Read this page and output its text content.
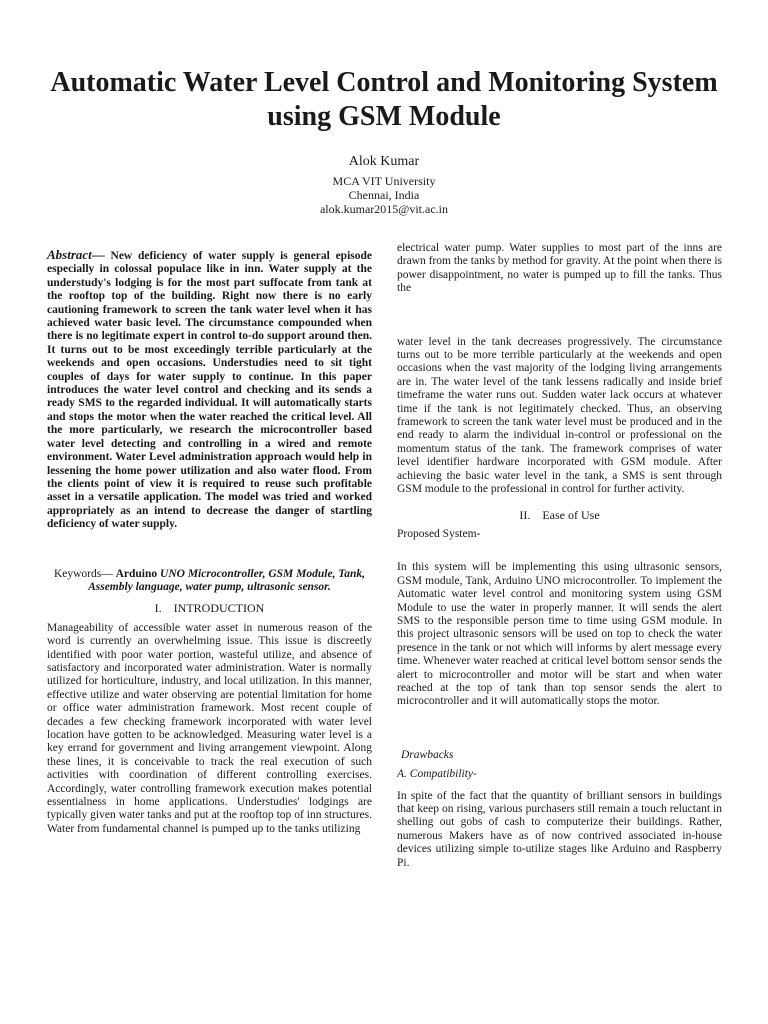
Automatic Water Level Control and Monitoring System using GSM Module
Alok Kumar
MCA VIT University
Chennai, India
alok.kumar2015@vit.ac.in

Abstract— New deficiency of water supply is general episode especially in colossal populace like in inn. Water supply at the understudy's lodging is for the most part suffocate from tank at the rooftop top of the building. Right now there is no early cautioning framework to screen the tank water level when it has achieved water basic level. The circumstance compounded when there is no legitimate expert in control to-do support around then. It turns out to be most exceedingly terrible particularly at the weekends and open occasions. Understudies need to sit tight couples of days for water supply to continue. In this paper introduces the water level control and checking and its sends a ready SMS to the regarded individual. It will automatically starts and stops the motor when the water reached the critical level. All the more particularly, we research the microcontroller based water level detecting and controlling in a wired and remote environment. Water Level administration approach would help in lessening the home power utilization and also water flood. From the clients point of view it is required to reuse such profitable asset in a versatile application. The model was tried and worked appropriately as an intend to decrease the danger of startling deficiency of water supply.

Keywords— Arduino UNO Microcontroller, GSM Module, Tank, Assembly language, water pump, ultrasonic sensor.
I. INTRODUCTION

Manageability of accessible water asset in numerous reason of the word is currently an overwhelming issue. This issue is discreetly identified with poor water portion, wasteful utilize, and absence of satisfactory and incorporated water administration. Water is normally utilized for horticulture, industry, and local utilization. In this manner, effective utilize and water observing are potential limitation for home or office water administration framework. Most recent couple of decades a few checking framework incorporated with water level location have gotten to be acknowledged. Measuring water level is a key errand for government and living arrangement viewpoint. Along these lines, it is conceivable to track the real execution of such activities with coordination of different controlling exercises. Accordingly, water controlling framework execution makes potential essentialness in home applications. Understudies' lodgings are typically given water tanks and put at the rooftop top of inn structures. Water from fundamental channel is pumped up to the tanks utilizing

electrical water pump. Water supplies to most part of the inns are drawn from the tanks by method for gravity. At the point when there is power disappointment, no water is pumped up to fill the tanks. Thus the

water level in the tank decreases progressively. The circumstance turns out to be more terrible particularly at the weekends and open occasions when the vast majority of the lodging living arrangements are in. The water level of the tank lessens radically and inside brief timeframe the water runs out. Sudden water lack occurs at whatever time if the tank is not legitimately checked. Thus, an observing framework to screen the tank water level must be produced and in the end ready to alarm the individual in-control or professional on the momentum status of the tank. The framework comprises of water level identifier hardware incorporated with GSM module. After achieving the basic water level in the tank, a SMS is sent through GSM module to the professional in control for further activity.

II. Ease of Use

Proposed System-

In this system will be implementing this using ultrasonic sensors, GSM module, Tank, Arduino UNO microcontroller. To implement the Automatic water level control and monitoring system using GSM Module to use the water in properly manner. It will sends the alert SMS to the responsible person time to time using GSM module. In this project ultrasonic sensors will be used on top to check the water presence in the tank or not which will informs by alert message every time. Whenever water reached at critical level bottom sensor sends the alert to microcontroller and motor will be start and when water reached at the top of tank than top sensor sends the alert to microcontroller and it will automatically stops the motor.

Drawbacks
A. Compatibility-

In spite of the fact that the quantity of brilliant sensors in buildings that keep on rising, various purchasers still remain a touch reluctant in shelling out gobs of cash to computerize their buildings. Rather, numerous Makers have as of now contrived associated in-house devices utilizing simple to-utilize stages like Arduino and Raspberry Pi.
